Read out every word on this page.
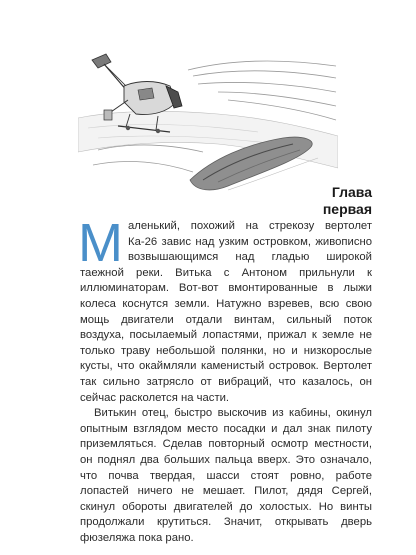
Глава
первая

Маленький, похожий на стрекозу вертолет Ка-26 завис над узким островком, живописно возвышающимся над гладью широкой таежной реки. Витька с Антоном прильнули к иллюминаторам. Вот-вот вмонтированные в лыжи колеса коснутся земли. Натужно взревев, всю свою мощь двигатели отдали винтам, сильный поток воздуха, посылаемый лопастями, прижал к земле не только траву небольшой полянки, но и низкорослые кусты, что окаймляли каменистый островок. Вертолет так сильно затрясло от вибраций, что казалось, он сейчас расколется на части.

Витькин отец, быстро выскочив из кабины, окинул опытным взглядом место посадки и дал знак пилоту приземляться. Сделав повторный осмотр местности, он поднял два больших пальца вверх. Это означало, что почва твердая, шасси стоят ровно, работе лопастей ничего не мешает. Пилот, дядя Сергей, скинул обороты двигателей до холостых. Но винты продолжали крутиться. Значит, открывать дверь фюзеляжа пока рано.
